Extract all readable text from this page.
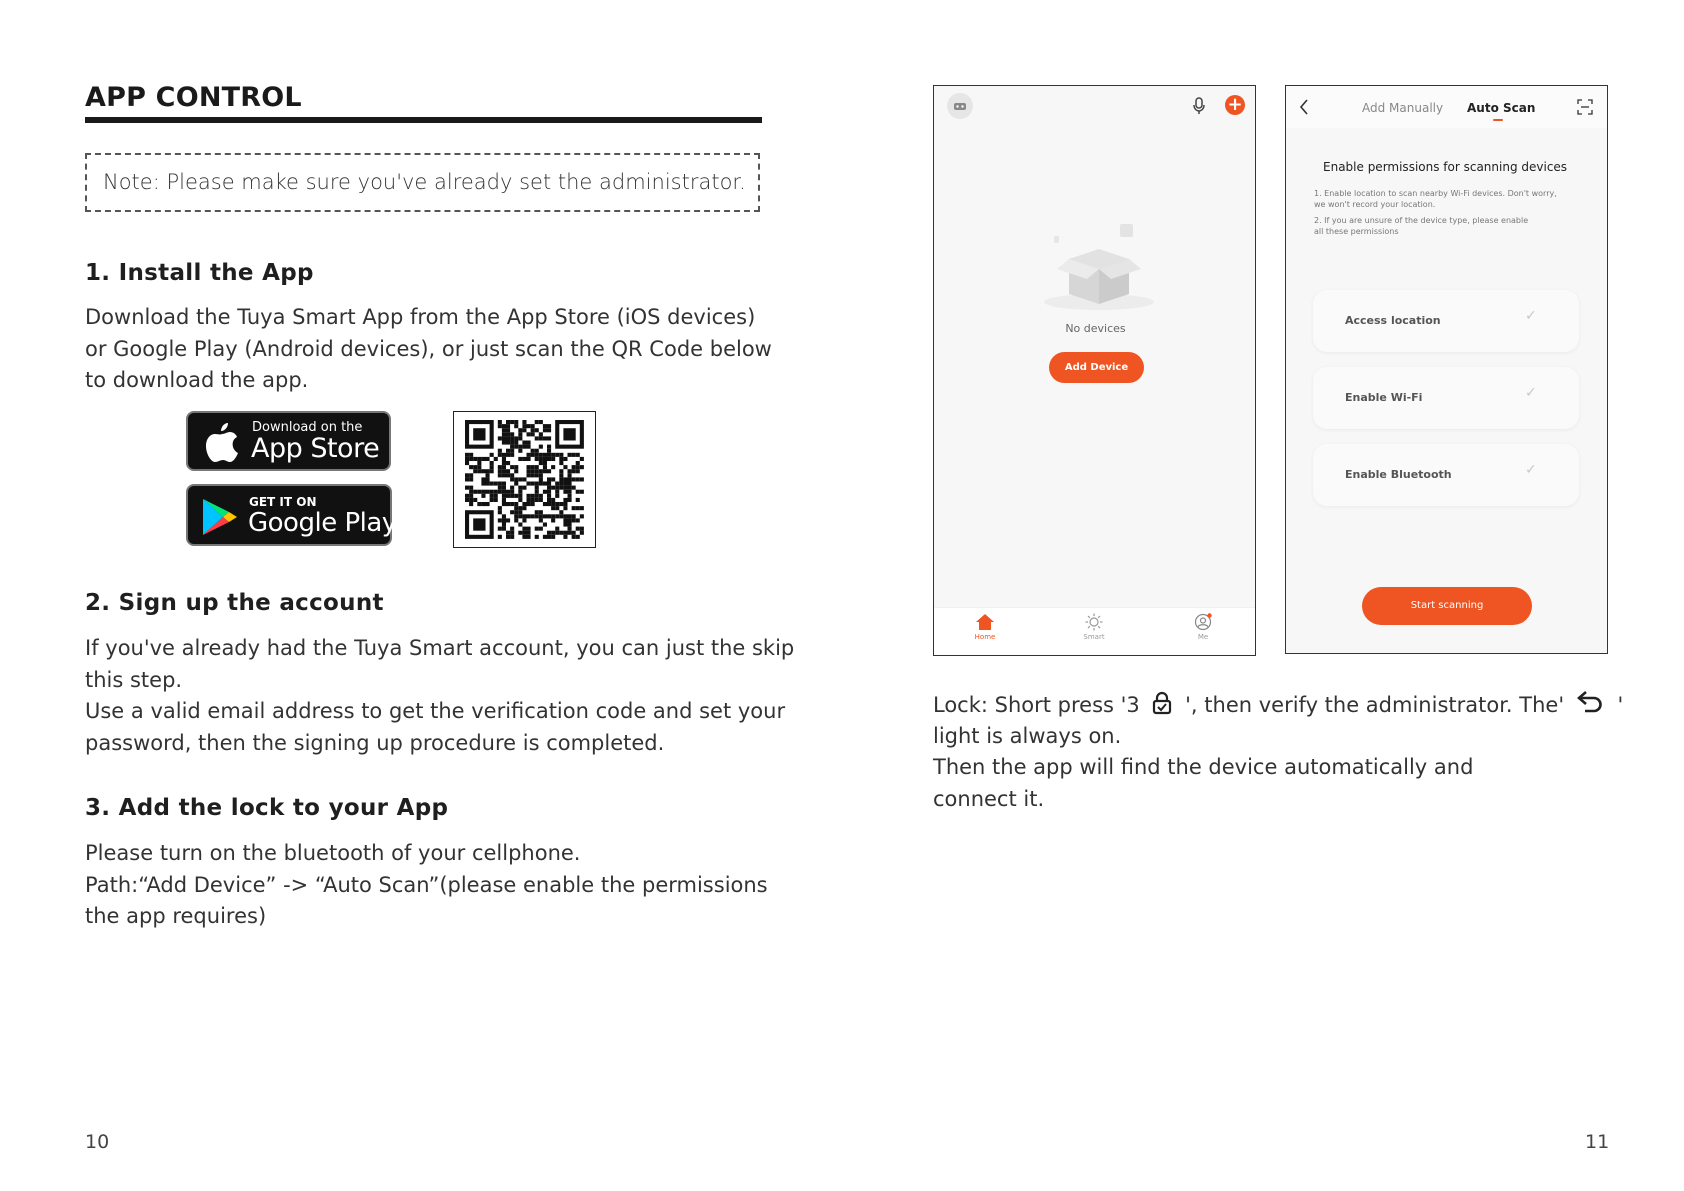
APP CONTROL
Note: Please make sure you've already set the administrator.
1. Install the App
Download the Tuya Smart App from the App Store (iOS devices)
or Google Play (Android devices), or just scan the QR Code below
to download the app.
Download on the
App Store
GET IT ON
Google Play
2. Sign up the account
If you've already had the Tuya Smart account, you can just the skip
this step.
Use a valid email address to get the verification code and set your
password, then the signing up procedure is completed.
3. Add the lock to your App
Please turn on the bluetooth of your cellphone.
Path:“Add Device” -> “Auto Scan”(please enable the permissions
the app requires)
10
+
No devices
Add Device
Home	Smart	Me
Add Manually Auto Scan
Enable permissions for scanning devices
1. Enable location to scan nearby Wi-Fi devices. Don't worry,
we won't record your location.
2. If you are unsure of the device type, please enable
all these permissions
Access location	✓
Enable Wi-Fi	✓
Enable Bluetooth	✓
Start scanning
Lock: Short press '3 ', then verify the administrator. The'	'
light is always on.
Then the app will find the device automatically and
connect it.
11
